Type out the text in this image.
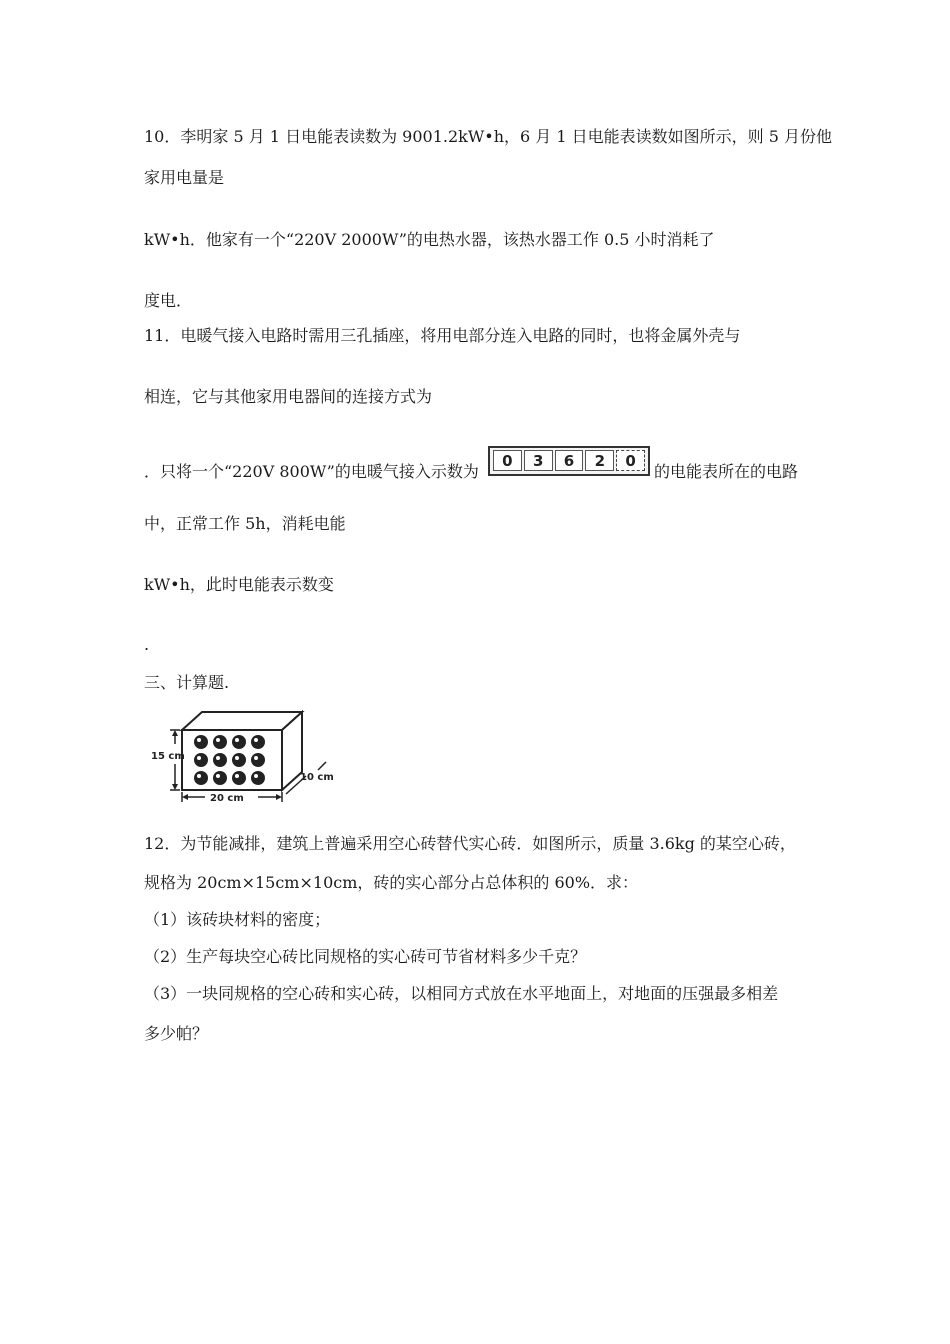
10．李明家 5 月 1 日电能表读数为 9001.2kW•h，6 月 1 日电能表读数如图所示，则 5 月份他
家用电量是
kW•h．他家有一个“220V 2000W”的电热水器，该热水器工作 0.5 小时消耗了
度电．
11．电暖气接入电路时需用三孔插座，将用电部分连入电路的同时，也将金属外壳与
相连，它与其他家用电器间的连接方式为
．只将一个“220V 800W”的电暖气接入示数为
0	3	6	2	0
的电能表所在的电路
中，正常工作 5h，消耗电能
kW•h，此时电能表示数变
.
三、计算题.
15 cm
20 cm
10 cm
12．为节能减排，建筑上普遍采用空心砖替代实心砖．如图所示，质量 3.6kg 的某空心砖，
规格为 20cm×15cm×10cm，砖的实心部分占总体积的 60%．求：
（1）该砖块材料的密度；
（2）生产每块空心砖比同规格的实心砖可节省材料多少千克？
（3）一块同规格的空心砖和实心砖，以相同方式放在水平地面上，对地面的压强最多相差
多少帕？
